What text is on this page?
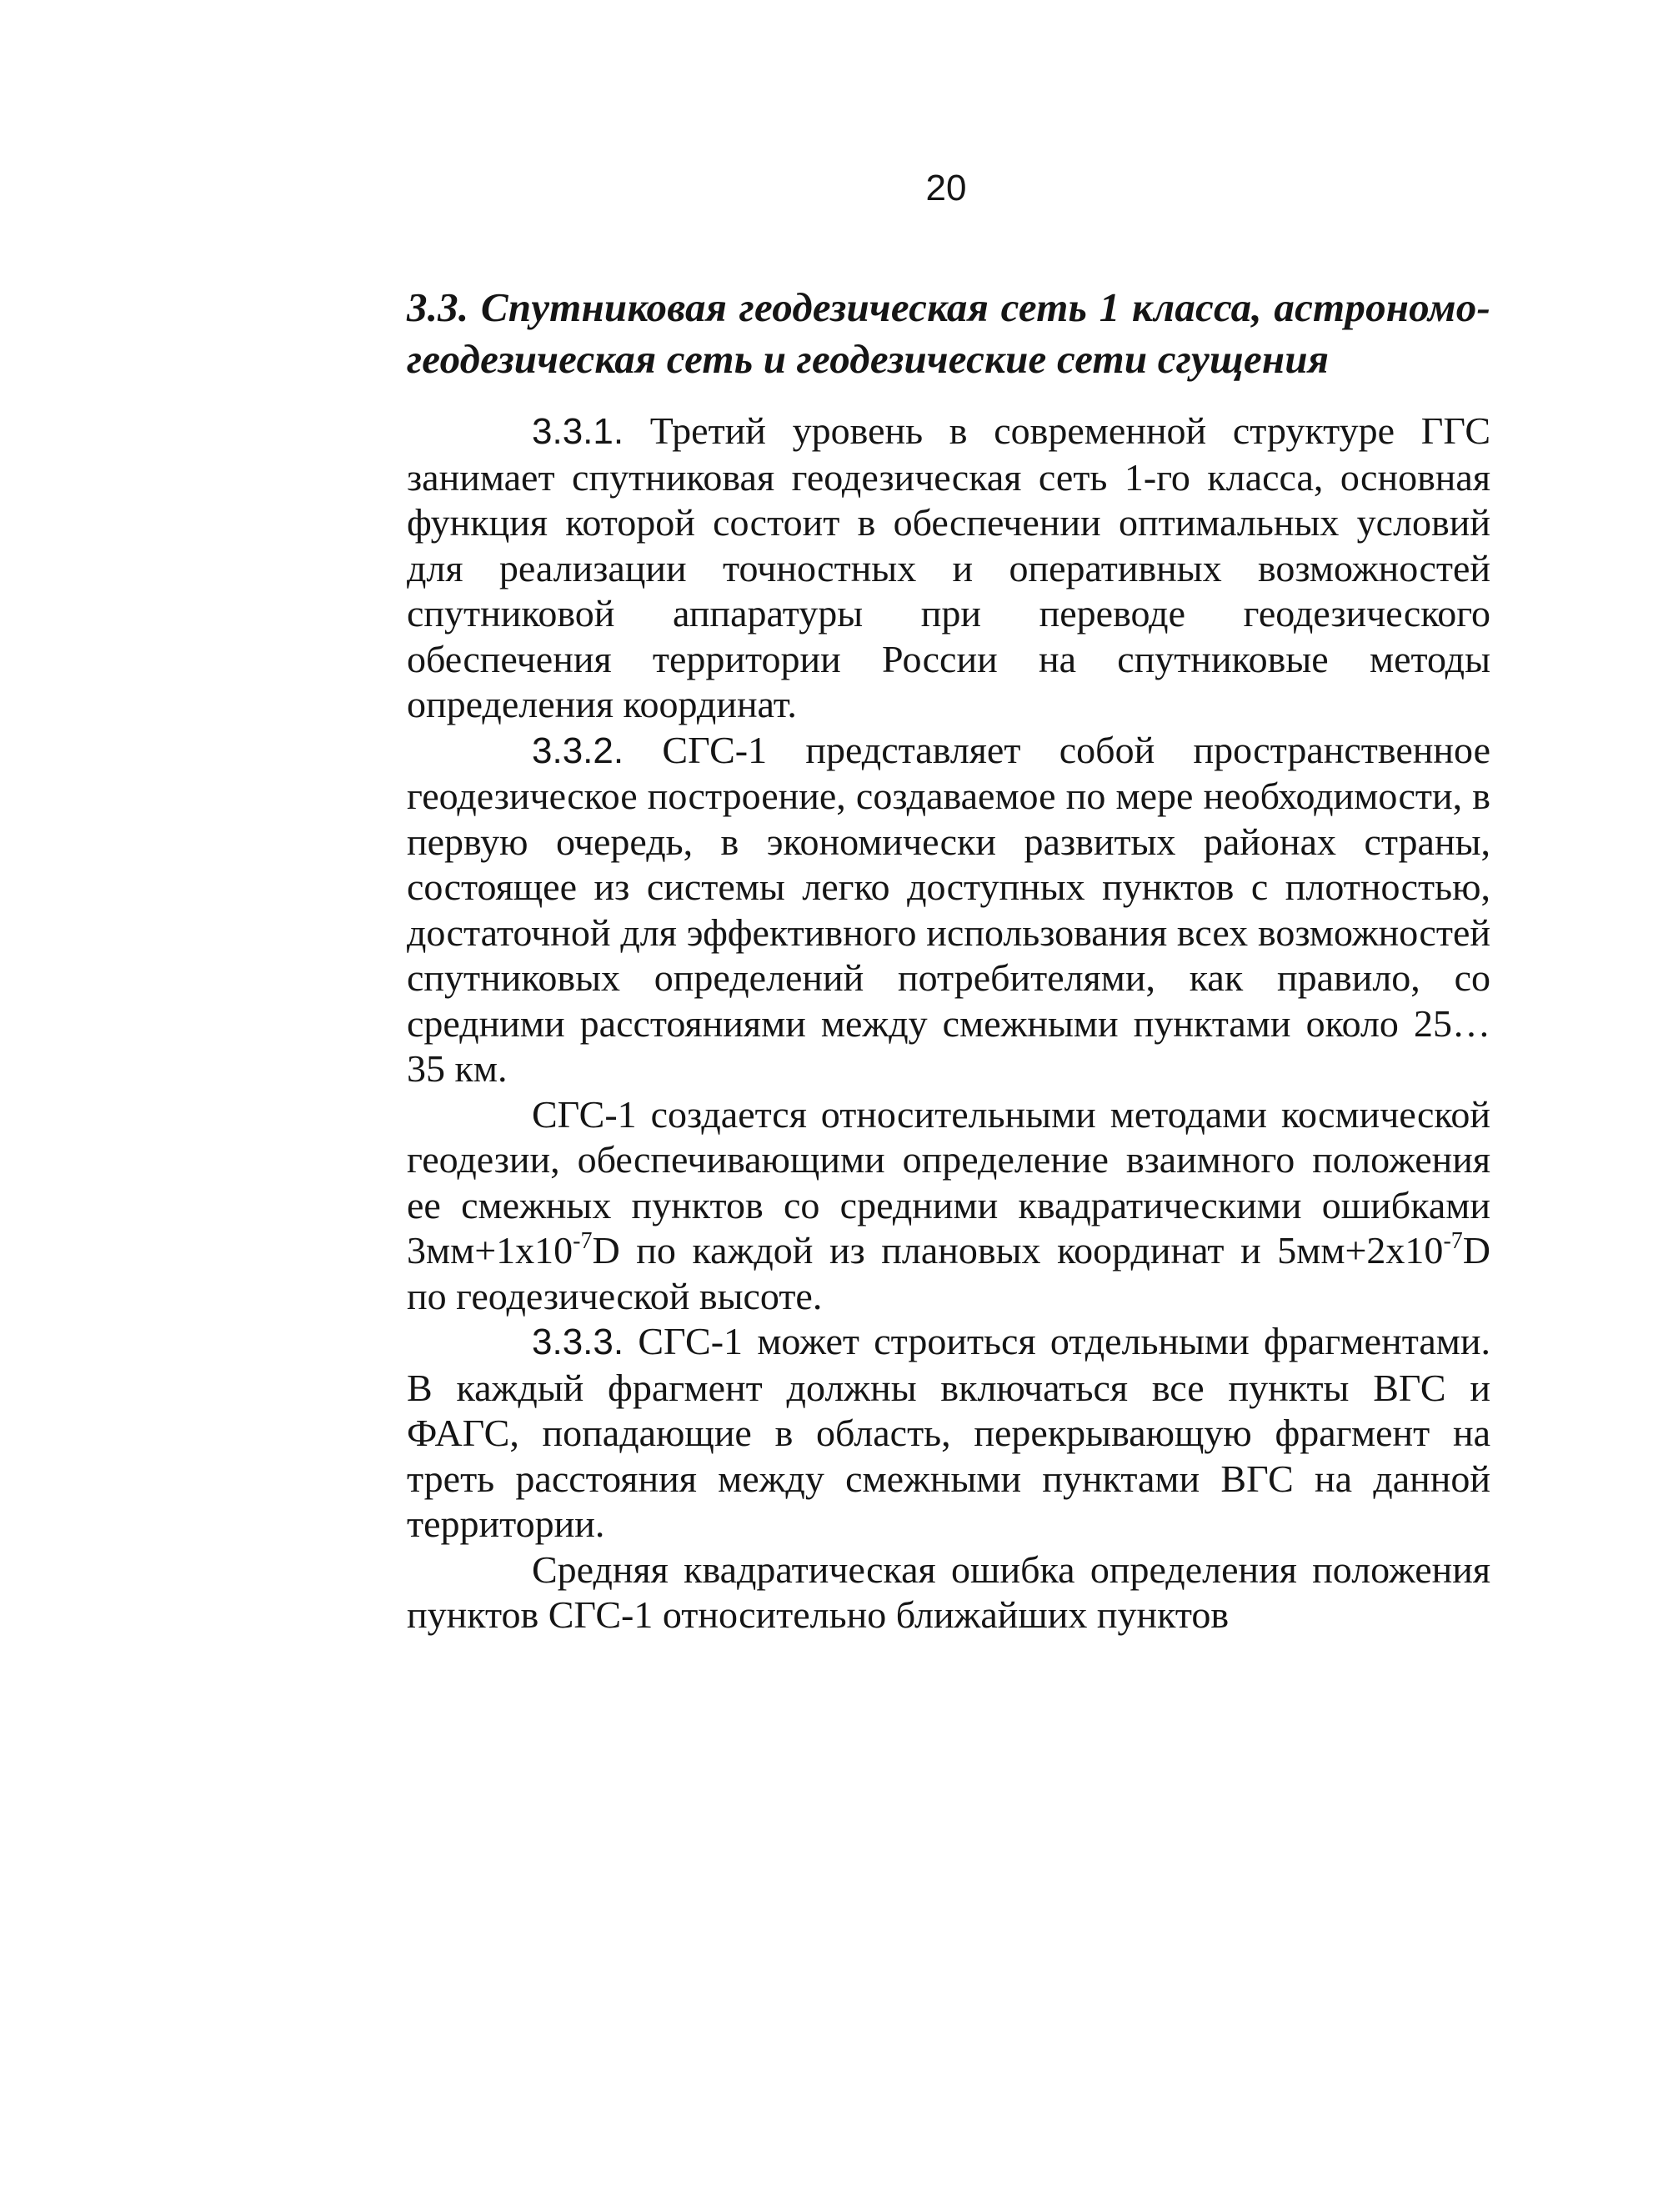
20

3.3. Спутниковая геодезическая сеть 1 класса, астрономо-геодезическая сеть и геодезические сети сгущения

3.3.1. Третий уровень в современной структуре ГГС занимает спутниковая геодезическая сеть 1-го класса, основная функция которой состоит в обеспечении оптимальных условий для реализации точностных и оперативных возможностей спутниковой аппаратуры при переводе геодезического обеспечения территории России на спутниковые методы определения координат.

3.3.2. СГС-1 представляет собой пространственное геодезическое построение, создаваемое по мере необходимости, в первую очередь, в экономически развитых районах страны, состоящее из системы легко доступных пунктов с плотностью, достаточной для эффективного использования всех возможностей спутниковых определений потребителями, как правило, со средними расстояниями между смежными пунктами около 25…35 км.

СГС-1 создается относительными методами космической геодезии, обеспечивающими определение взаимного положения ее смежных пунктов со средними квадратическими ошибками $3мм+1х10^{-7}D$ по каждой из плановых координат и $5мм+2х10^{-7}D$ по геодезической высоте.

3.3.3. СГС-1 может строиться отдельными фрагментами. В каждый фрагмент должны включаться все пункты ВГС и ФАГС, попадающие в область, перекрывающую фрагмент на треть расстояния между смежными пунктами ВГС на данной территории.

Средняя квадратическая ошибка определения положения пунктов СГС-1 относительно ближайших пунктов
